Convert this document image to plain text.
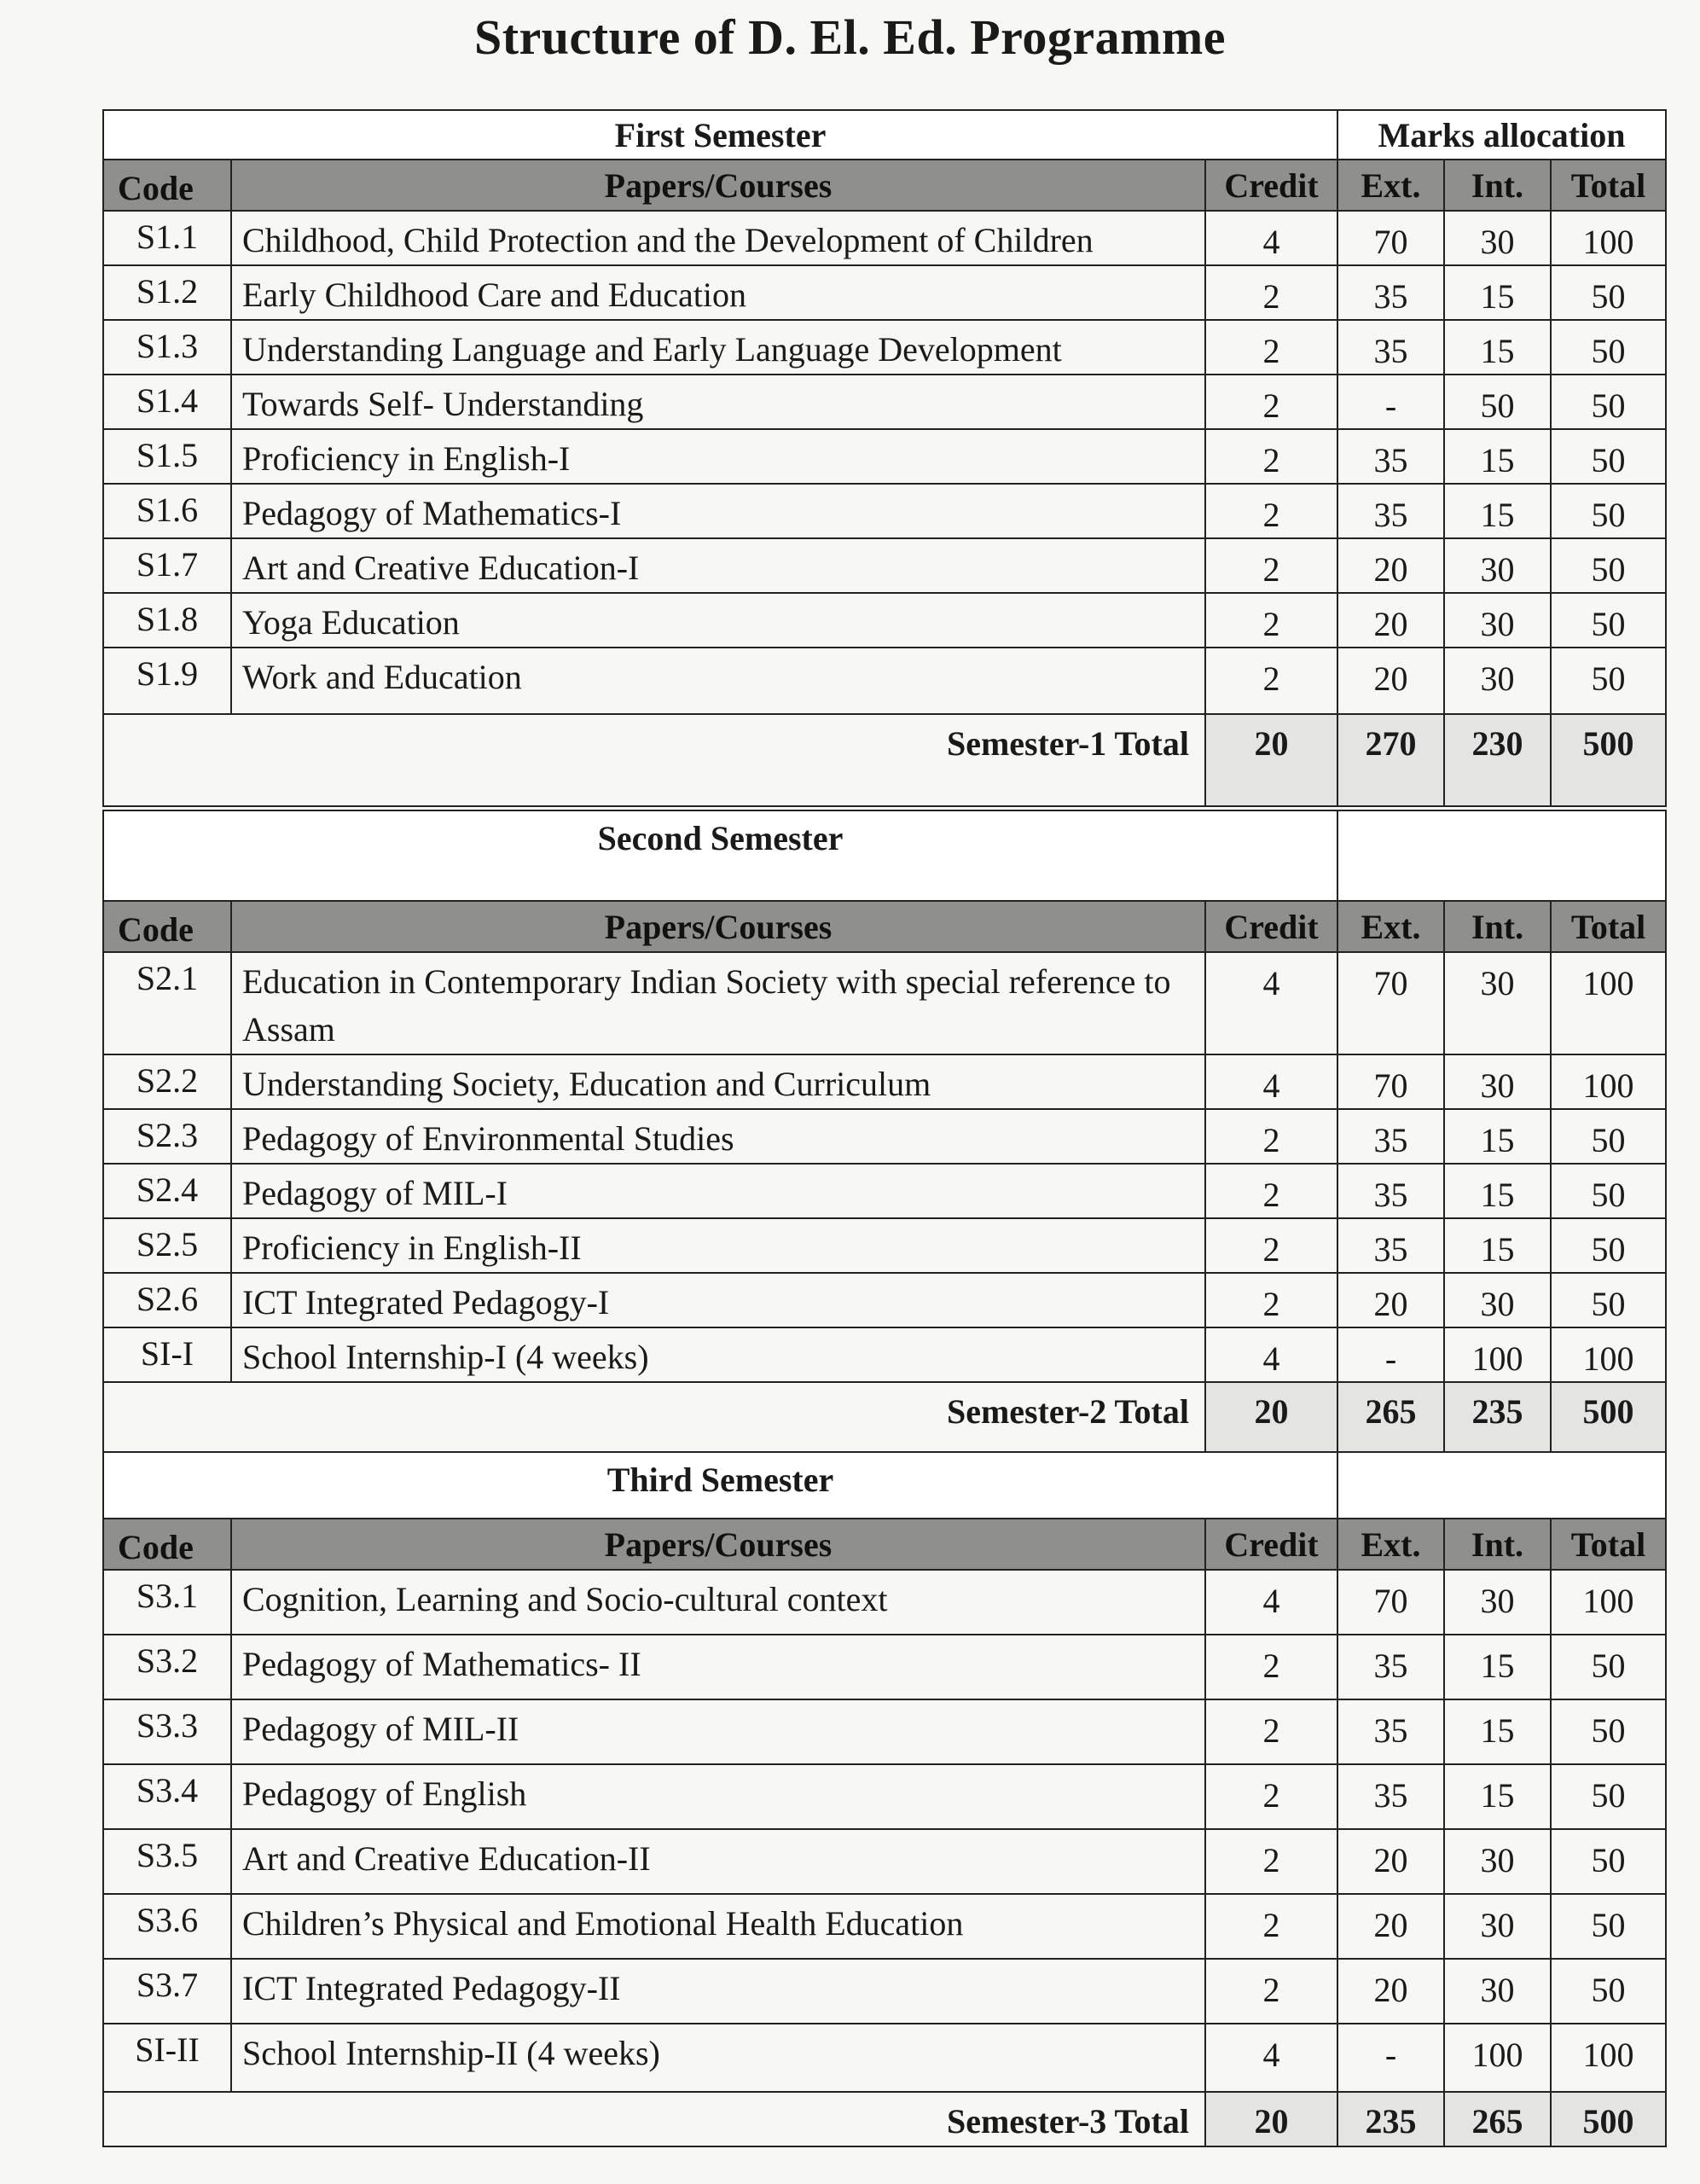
Structure of D. El. Ed. Programme
First Semester			Marks allocation		
Code	Papers/Courses	Credit	Ext.	Int.	Total
S1.1	Childhood, Child Protection and the Development of Children	4	70	30	100
S1.2	Early Childhood Care and Education	2	35	15	50
S1.3	Understanding Language and Early Language Development	2	35	15	50
S1.4	Towards Self- Understanding	2	-	50	50
S1.5	Proficiency in English-I	2	35	15	50
S1.6	Pedagogy of Mathematics-I	2	35	15	50
S1.7	Art and Creative Education-I	2	20	30	50
S1.8	Yoga Education	2	20	30	50
S1.9	Work and Education	2	20	30	50
Semester-1 Total		20	270	230	500
Second Semester					
Code	Papers/Courses	Credit	Ext.	Int.	Total
S2.1	Education in Contemporary Indian Society with special reference to Assam	4	70	30	100
S2.2	Understanding Society, Education and Curriculum	4	70	30	100
S2.3	Pedagogy of Environmental Studies	2	35	15	50
S2.4	Pedagogy of MIL-I	2	35	15	50
S2.5	Proficiency in English-II	2	35	15	50
S2.6	ICT Integrated Pedagogy-I	2	20	30	50
SI-I	School Internship-I (4 weeks)	4	-	100	100
Semester-2 Total		20	265	235	500
Third Semester					
Code	Papers/Courses	Credit	Ext.	Int.	Total
S3.1	Cognition, Learning and Socio-cultural context	4	70	30	100
S3.2	Pedagogy of Mathematics- II	2	35	15	50
S3.3	Pedagogy of MIL-II	2	35	15	50
S3.4	Pedagogy of English	2	35	15	50
S3.5	Art and Creative Education-II	2	20	30	50
S3.6	Children’s Physical and Emotional Health Education	2	20	30	50
S3.7	ICT Integrated Pedagogy-II	2	20	30	50
SI-II	School Internship-II (4 weeks)	4	-	100	100
Semester-3 Total		20	235	265	500
